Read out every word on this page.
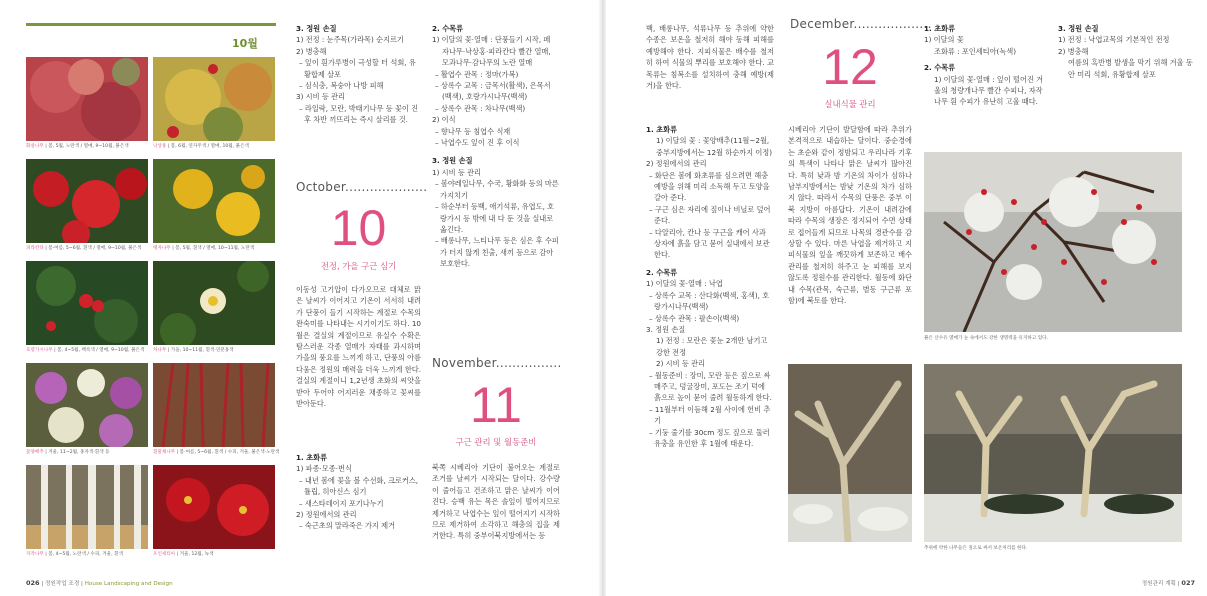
10월
화살나무 | 봄, 5월, 노란색 / 열매, 9~10월, 붉은색	낙상홍 | 봄, 6월, 연자주색 / 열매, 10월, 붉은색
피라칸타 | 봄·여름, 5~6월, 흰색 / 열매, 9~10월, 붉은색	탱자나무 | 봄, 5월, 흰색 / 열매, 10~11월, 노란색
호랑가시나무 | 봄, 4~5월, 백록색 / 열매, 9~10월, 붉은색 차나무 | 가을, 10~11월, 흰색·연분홍색
꽃양배추 | 겨울, 11~2월, 홍자색·흰색 등	흰말채나무 | 봄·여름, 5~6월, 흰색 / 수피, 겨울, 붉은색·노란색
자작나무 | 봄, 4~5월, 노란색 / 수피, 겨울, 흰색	포인세티아 | 겨울, 12월, 녹색

3. 정원 손질

1) 전정 : 눈주목(가라목) 순지르기

2) 병충해

– 잎이 흰가루병이 극성할 터 석회, 유황합제 살포

– 심식충, 복숭아 나방 피해

3) 시비 등 관리

– 라일락, 모란, 박태기나무 등 꽃이 진 후 차반 끼뜨리는 즉시 살리를 것.

October....................
10
전정, 가을 구근 심기

이동성 고기압이 다가오므로 대체로 맑은 날씨가 이어지고 기온이 서서히 내려가 단풍이 들기 시작하는 계절로 수목의 완숙미를 나타내는 시기이기도 하다. 10월은 결실의 계절이므로 유실수 수확은 탐스러운 각종 열매가 자태를 과시하며 가을의 풍요를 느끼게 하고, 단풍의 아름다움은 정원의 매력을 더욱 느끼게 한다. 결실의 계절이니 1,2년생 초화의 씨앗을 받아 두어야 어지러운 채종하고 꽃씨를 받아둔다.

1. 초화류

1) 파종·모종·번식

– 내년 봄에 꽃을 볼 수선화, 크로커스, 튤립, 히아신스 심기

– 새스타데이지 포기나누기

2) 정원에서의 관리

– 숙근초의 말라죽은 가지 제거

2. 수목류

1) 이달의 꽃·열매 : 단풍들기 시작, 페

자나무·낙상홍·피라칸다 빨간 열매,

모과나무·감나무의 노란 열매

– 활엽수 관목 : 정마(가복)

– 상록수 교목 : 금목서(활색), 은목서

(백색), 호랑가시나무(백색)

– 상록수 관목 : 차나무(백색)

2) 이식

– 향나무 등 침엽수 식재

– 낙엽수도 잎이 진 후 이식

3. 정원 손질

1) 시비 등 관리

– 봄야레일나무, 수국, 황화화 등의 마른 가지치기

– 하순부터 등백, 애기석류, 유엽도, 호랑가시 등 밖에 내 다 둔 것을 실내로 옮긴다.

– 배롱나무, 느티나무 등은 심은 후 수피가 터지 않게 친출, 새끼 등으로 감아 보호한다.

November................
11
구근 관리 및 월동준비

북쪽 시베리아 기단이 불어오는 계절로 조거를 날씨가 시작되는 달이다. 강수량이 줄어들고 건조하고 맑은 날씨가 이어진다. 승백 유는 목은 솔잎이 떨어지므로 제거하고 낙엽수는 잎이 떨어지기 시작하므로 제거하여 소각하고 해충의 집을 제거한다. 특히 중부이북지방에서는 등

026 | 정원작업 조경 | House Landscaping and Design

백, 배롱나무, 석류나무 등 추위에 약한 수종은 보온을 철저히 해야 동해 피해를 예방해야 한다. 지피식물은 배수를 철저히 하여 식물의 뿌리를 보호해야 한다. 교목류는 침복소를 설치하여 충해 예방(제거)을 한다.

1. 초화류

1) 이달의 꽃 : 꽃양배추(11월~2월, 중부지방에서는 12월 하순까지 이정)

2) 정원에서의 관리

– 화단은 봄에 화초류를 심으려면 해충 예방을 위해 미리 소독해 두고 토양을 갈아 준다.

– 구근 심은 자리에 짚이나 비닐로 덮어준다.

– 다알리아, 칸나 등 구근을 캐어 사과 상자에 흙을 담고 묻어 실내에서 보관한다.

2. 수목류

1) 이달의 꽃·열매 : 낙엽

– 상록수 교목 : 산다화(백색, 홍색), 호랑가시나무(백색)

– 상록수 관목 : 팔손이(백색)

3. 정원 손질

1) 전정 : 모란은 꽃눈 2개만 남기고 강한 전정

2) 시비 등 관리

– 월동준비 : 장미, 모란 등은 짚으로 싸매주고, 덩굴장미, 포도는 조기 덕에 흙으로 높이 묻어 줄려 월동하게 한다.

– 11월부터 이듬해 2월 사이에 헌비 추기

– 기둥 줄기를 30cm 정도 짚으로 둘러 유충을 유인한 후 1월에 태운다.

December...................
12
실내식물 관리

시베리아 기단이 발달함에 따라 추위가 본격적으로 내습하는 달이다. 중순경에는 초순와 같이 정밤되고 우리나라 기후의 특색이 나타나 맑은 날씨가 많아진다. 특히 낮과 밤 기온의 차이가 심하나 남부지방에서는 밤낮 기온의 차가 심하지 않다. 따라서 수목의 단풍은 중부 이북 지방이 아름답다. 기온이 내려감에 따라 수목의 생장은 정지되어 수면 상태로 접어들게 되므로 나목의 경관수를 감상할 수 있다. 마른 낙엽을 제거하고 지피식물의 잎을 깨끗하게 보존하고 배수관리를 철저히 하주고 눈 피해를 보지 않도록 정원수를 관리한다. 월동에 화단 내 수목(관목, 숙근류, 별동 구근류 포함)에 북토를 한다.

1. 초화류

1) 이달의 꽃

조화류 : 포인세티아(녹색)

2. 수목류

1) 이달의 꽃·열매 : 잎이 떨어진 겨울의 청량개나무 빨간 수피나, 자작나무 흰 수피가 유난히 고울 때다.

3. 정원 손질

1) 전정 : 낙엽교목의 기본적인 전정

2) 병충해

여름의 흑반병 발생을 막기 위해 겨울 동안 미리 석회, 유황합제 살포

붉은 산수유 열매가 눈 속에서도 강한 생명력을 유지하고 있다.
추위에 약한 나무들은 짚으로 싸서 보온처리를 한다.
정원관리 계획 | 027
